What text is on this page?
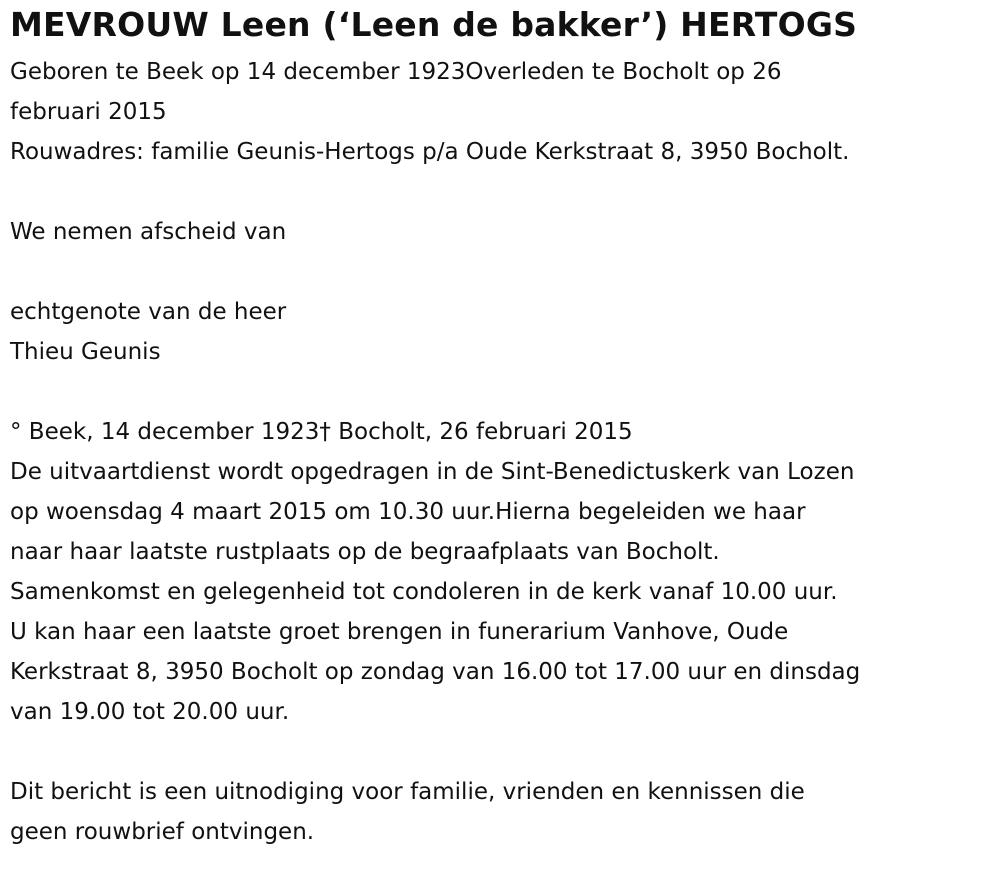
MEVROUW Leen (‘Leen de bakker’) HERTOGS
Geboren te Beek op 14 december 1923Overleden te Bocholt op 26
februari 2015
Rouwadres: familie Geunis-Hertogs p/a Oude Kerkstraat 8, 3950 Bocholt.
We nemen afscheid van
echtgenote van de heer
Thieu Geunis
° Beek, 14 december 1923† Bocholt, 26 februari 2015
De uitvaartdienst wordt opgedragen in de Sint-Benedictuskerk van Lozen
op woensdag 4 maart 2015 om 10.30 uur.Hierna begeleiden we haar
naar haar laatste rustplaats op de begraafplaats van Bocholt.
Samenkomst en gelegenheid tot condoleren in de kerk vanaf 10.00 uur.
U kan haar een laatste groet brengen in funerarium Vanhove, Oude
Kerkstraat 8, 3950 Bocholt op zondag van 16.00 tot 17.00 uur en dinsdag
van 19.00 tot 20.00 uur.
Dit bericht is een uitnodiging voor familie, vrienden en kennissen die
geen rouwbrief ontvingen.
